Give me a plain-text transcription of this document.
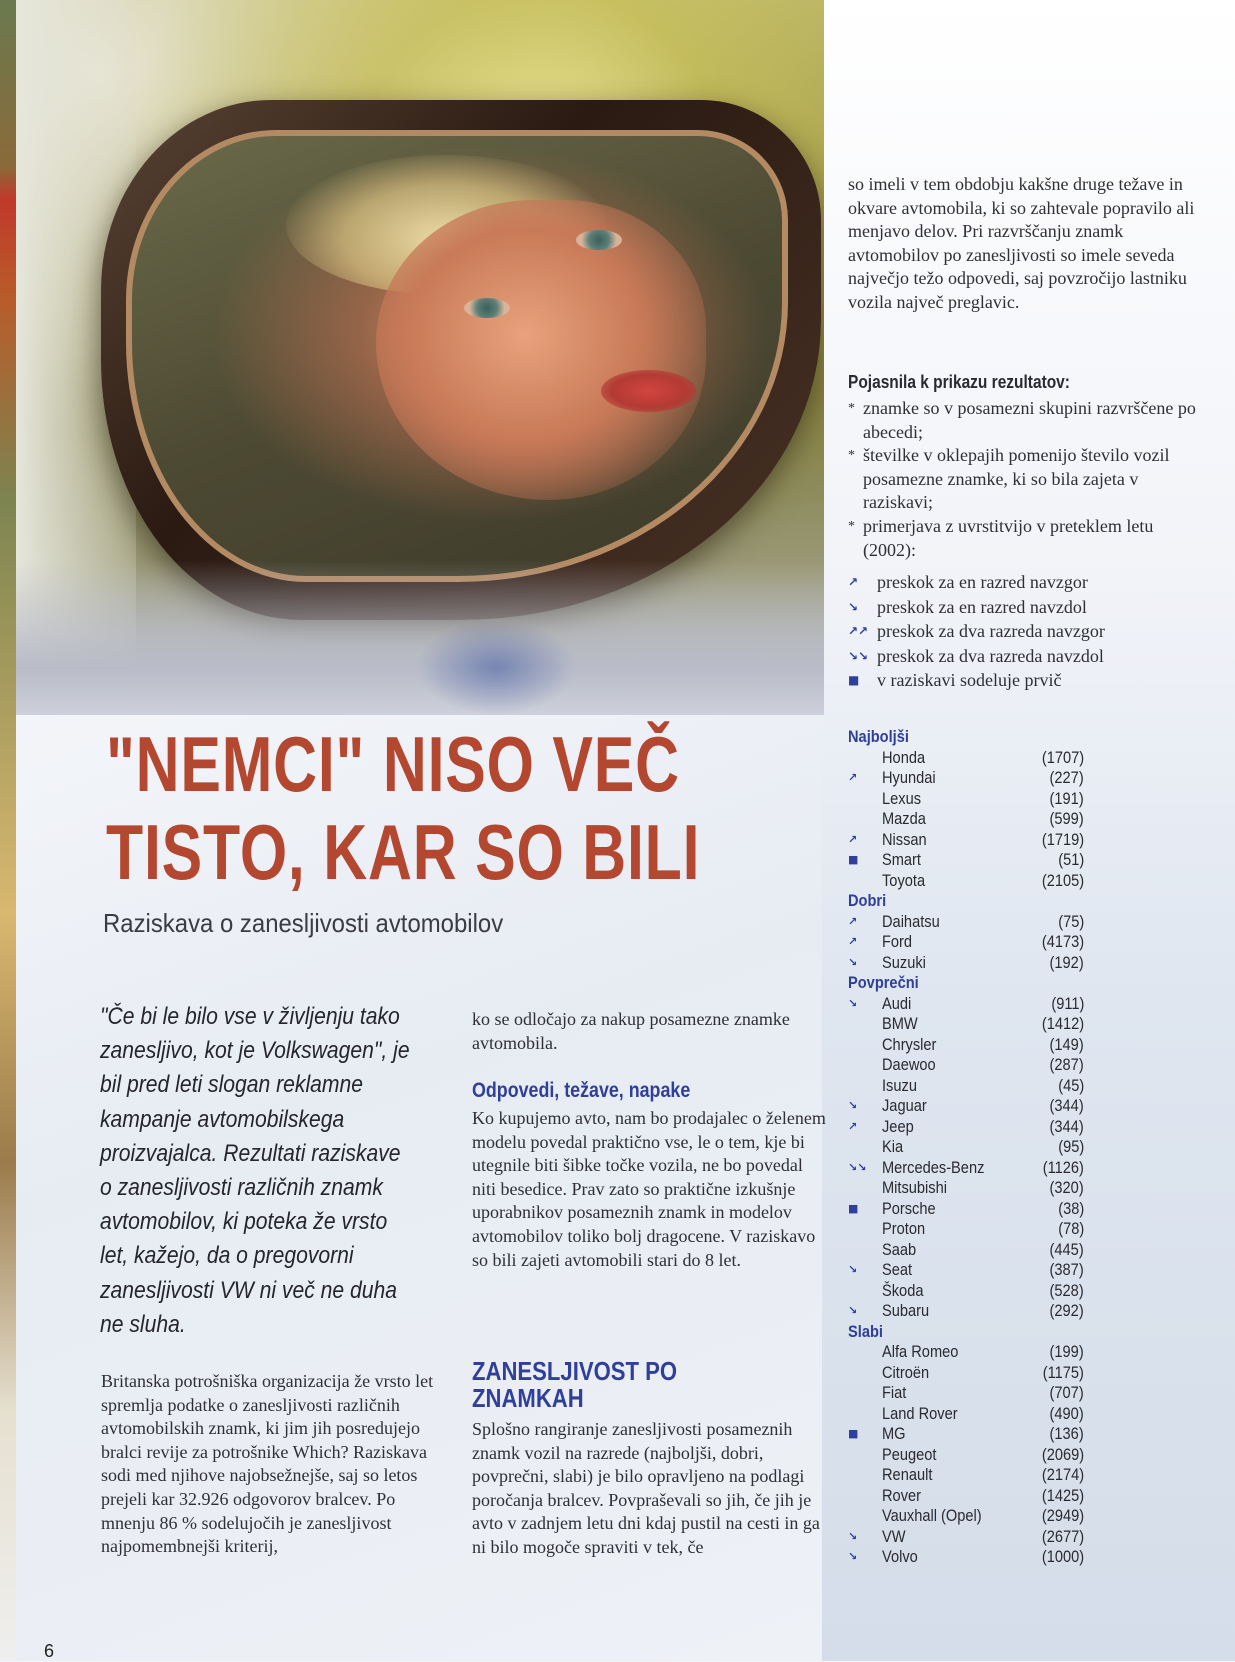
"NEMCI" NISO VEČ
TISTO, KAR SO BILI

Raziskava o zanesljivosti avtomobilov

"Če bi le bilo vse v življenju tako zanesljivo, kot je Volkswagen", je bil pred leti slogan reklamne kampanje avtomobilskega proizvajalca. Rezultati raziskave o zanesljivosti različnih znamk avtomobilov, ki poteka že vrsto let, kažejo, da o pregovorni zanesljivosti VW ni več ne duha ne sluha.

Britanska potrošniška organizacija že vrsto let spremlja podatke o zanesljivosti različnih avtomobilskih znamk, ki jim jih posredujejo bralci revije za potrošnike Which? Raziskava sodi med njihove najobsežnejše, saj so letos prejeli kar 32.926 odgovorov bralcev. Po mnenju 86 % sodelujočih je zanesljivost najpomembnejši kriterij,

ko se odločajo za nakup posamezne znamke avtomobila.

Odpovedi, težave, napake

Ko kupujemo avto, nam bo prodajalec o želenem modelu povedal praktično vse, le o tem, kje bi utegnile biti šibke točke vozila, ne bo povedal niti besedice. Prav zato so praktične izkušnje uporabnikov posameznih znamk in modelov avtomobilov toliko bolj dragocene. V raziskavo so bili zajeti avtomobili stari do 8 let.

ZANESLJIVOST PO
ZNAMKAH

Splošno rangiranje zanesljivosti posameznih znamk vozil na razrede (najboljši, dobri, povprečni, slabi) je bilo opravljeno na podlagi poročanja bralcev. Povpraševali so jih, če jih je avto v zadnjem letu dni kdaj pustil na cesti in ga ni bilo mogoče spraviti v tek, če

so imeli v tem obdobju kakšne druge težave in okvare avtomobila, ki so zahtevale popravilo ali menjavo delov. Pri razvrščanju znamk avtomobilov po zanesljivosti so imele seveda največjo težo odpovedi, saj povzročijo lastniku vozila največ preglavic.

Pojasnila k prikazu rezultatov:
* znamke so v posamezni skupini razvrščene po abecedi;
* številke v oklepajih pomenijo število vozil posamezne znamke, ki so bila zajeta v raziskavi;
* primerjava z uvrstitvijo v preteklem letu (2002):
↗	preskok za en razred navzgor
↘	preskok za en razred navzdol
↗↗ preskok za dva razreda navzgor
↘↘ preskok za dva razreda navzdol
■ v raziskavi sodeluje prvič
Najboljši
Honda	(1707)
↗	Hyundai	(227)
Lexus	(191)
Mazda	(599)
↗	Nissan	(1719)
■	Smart	(51)
Toyota	(2105)
Dobri
↗	Daihatsu	(75)
↗	Ford	(4173)
↘	Suzuki	(192)
Povprečni
↘	Audi	(911)
BMW	(1412)
Chrysler	(149)
Daewoo	(287)
Isuzu	(45)
↘	Jaguar	(344)
↗	Jeep	(344)
Kia	(95)
↘↘ Mercedes-Benz	(1126)
Mitsubishi	(320)
■	Porsche	(38)
Proton	(78)
Saab	(445)
↘	Seat	(387)
Škoda	(528)
↘	Subaru	(292)
Slabi
Alfa Romeo	(199)
Citroën	(1175)
Fiat	(707)
Land Rover	(490)
■	MG	(136)
Peugeot	(2069)
Renault	(2174)
Rover	(1425)
Vauxhall (Opel)	(2949)
↘	VW	(2677)
↘	Volvo	(1000)

6
